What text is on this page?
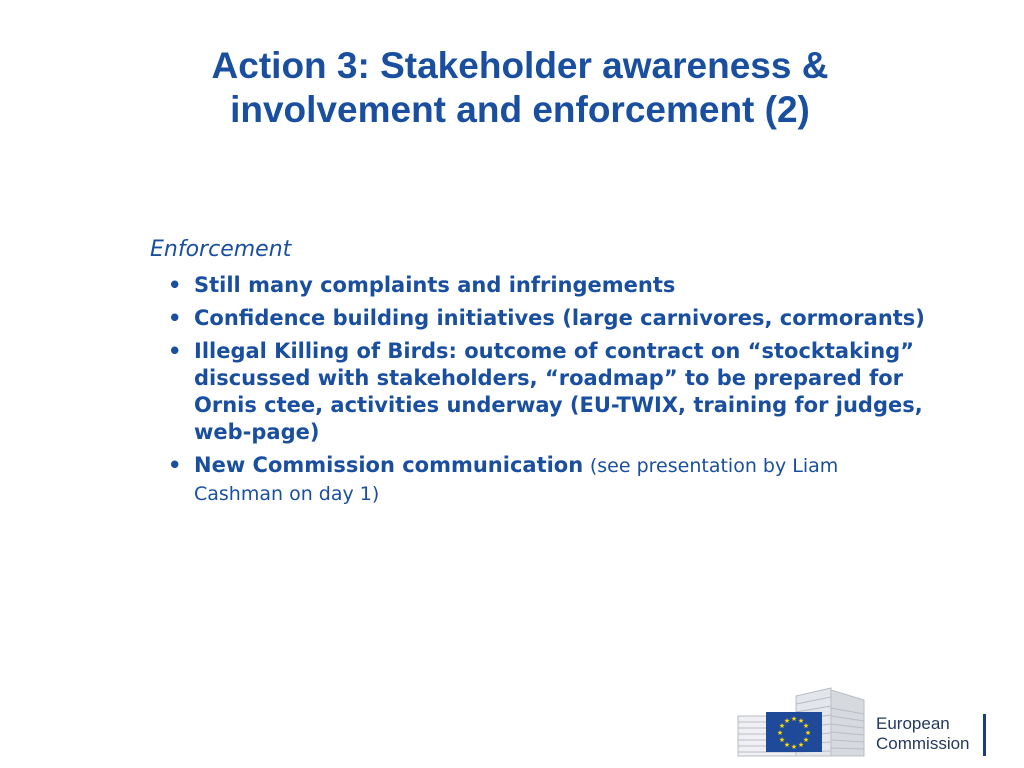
Action 3: Stakeholder awareness &
involvement and enforcement (2)
Enforcement
• Still many complaints and infringements
• Confidence building initiatives (large carnivores, cormorants)
• Illegal Killing of Birds: outcome of contract on “stocktaking” discussed with stakeholders, “roadmap” to be prepared for Ornis ctee, activities underway (EU-TWIX, training for judges, web-page)
• New Commission communication (see presentation by Liam Cashman on day 1)
★ ★
★
★
★
★
★
★
★
★
★
★	European
Commission
